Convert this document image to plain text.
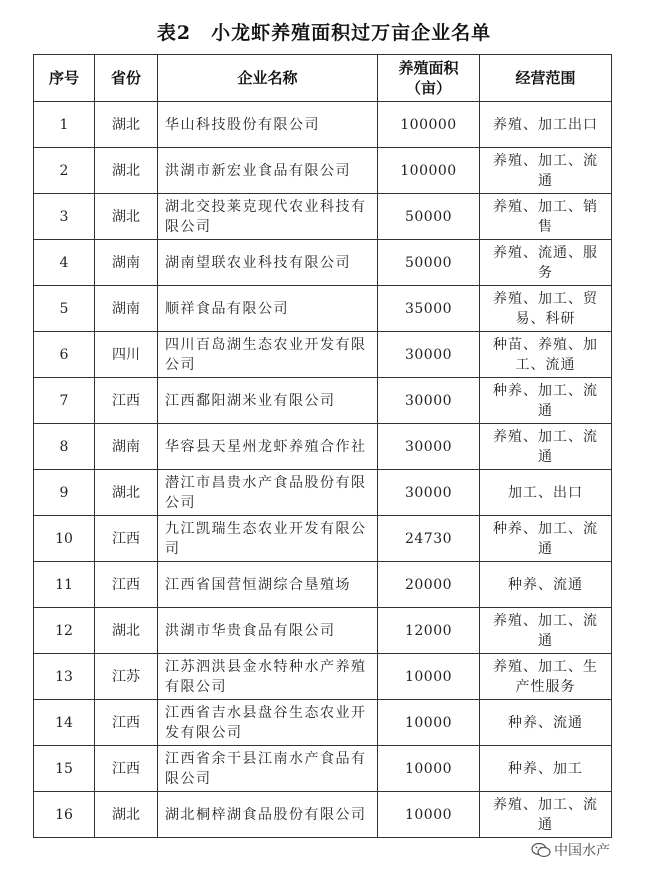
表2　小龙虾养殖面积过万亩企业名单
序号	省份	企业名称	养殖面积（亩）	经营范围
1	湖北	华山科技股份有限公司	100000	养殖、加工出口
2	湖北	洪湖市新宏业食品有限公司	100000	养殖、加工、流通
3	湖北	湖北交投莱克现代农业科技有限公司	50000	养殖、加工、销售
4	湖南	湖南望联农业科技有限公司	50000	养殖、流通、服务
5	湖南	顺祥食品有限公司	35000	养殖、加工、贸易、科研
6	四川	四川百岛湖生态农业开发有限公司	30000	种苗、养殖、加工、流通
7	江西	江西鄱阳湖米业有限公司	30000	种养、加工、流通
8	湖南	华容县天星州龙虾养殖合作社	30000	养殖、加工、流通
9	湖北	潜江市昌贵水产食品股份有限公司	30000	加工、出口
10	江西	九江凯瑞生态农业开发有限公司	24730	种养、加工、流通
11	江西	江西省国营恒湖综合垦殖场	20000	种养、流通
12	湖北	洪湖市华贵食品有限公司	12000	养殖、加工、流通
13	江苏	江苏泗洪县金水特种水产养殖有限公司	10000	养殖、加工、生产性服务
14	江西	江西省吉水县盘谷生态农业开发有限公司	10000	种养、流通
15	江西	江西省余干县江南水产食品有限公司	10000	种养、加工
16	湖北	湖北桐梓湖食品股份有限公司	10000	养殖、加工、流通
中国水产
